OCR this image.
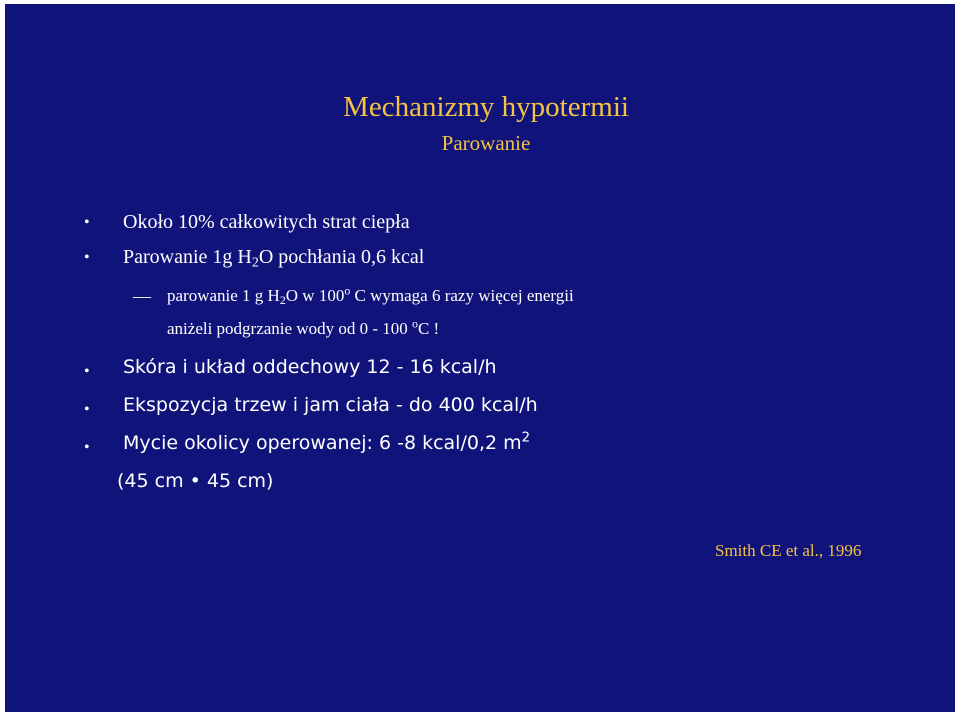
Mechanizmy hypotermii
Parowanie
• Około 10% całkowitych strat ciepła
• Parowanie 1g $H_2O$ pochłania 0,6 kcal
— parowanie 1 g $H_2O$ w 100$^o$ C wymaga 6 razy więcej energii
aniżeli podgrzanie wody od 0 - 100 $^o$C !
• Skóra i układ oddechowy 12 - 16 kcal/h
• Ekspozycja trzew i jam ciała - do 400 kcal/h
• Mycie okolicy operowanej: 6 -8 kcal/0,2 $m^2$
(45 cm • 45 cm)
Smith CE et al., 1996
